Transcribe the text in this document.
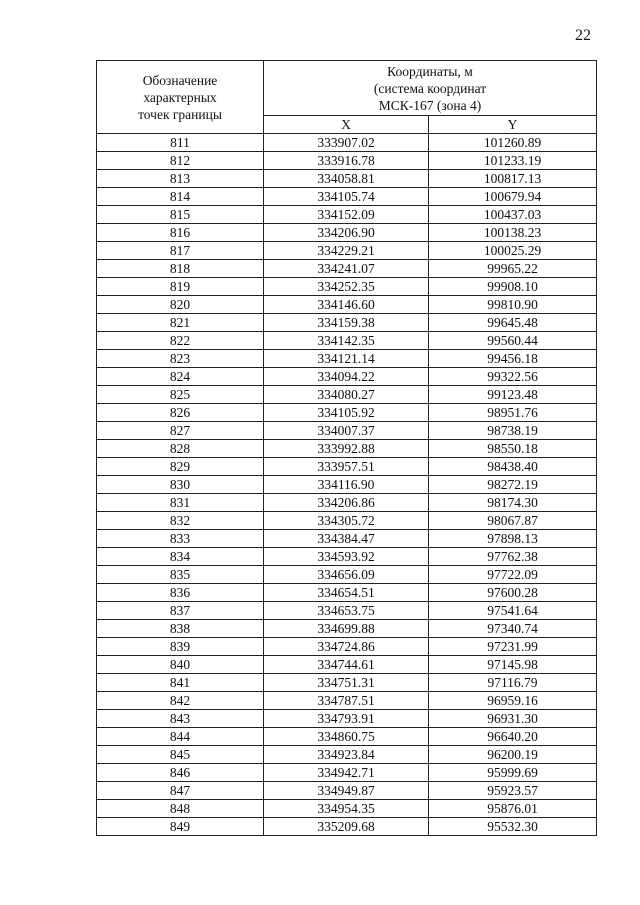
22
Обозначение
характерных
точек границы	Координаты, м
(система координат
МСК-167 (зона 4)	
	X	Y
811	333907.02	101260.89
812	333916.78	101233.19
813	334058.81	100817.13
814	334105.74	100679.94
815	334152.09	100437.03
816	334206.90	100138.23
817	334229.21	100025.29
818	334241.07	99965.22
819	334252.35	99908.10
820	334146.60	99810.90
821	334159.38	99645.48
822	334142.35	99560.44
823	334121.14	99456.18
824	334094.22	99322.56
825	334080.27	99123.48
826	334105.92	98951.76
827	334007.37	98738.19
828	333992.88	98550.18
829	333957.51	98438.40
830	334116.90	98272.19
831	334206.86	98174.30
832	334305.72	98067.87
833	334384.47	97898.13
834	334593.92	97762.38
835	334656.09	97722.09
836	334654.51	97600.28
837	334653.75	97541.64
838	334699.88	97340.74
839	334724.86	97231.99
840	334744.61	97145.98
841	334751.31	97116.79
842	334787.51	96959.16
843	334793.91	96931.30
844	334860.75	96640.20
845	334923.84	96200.19
846	334942.71	95999.69
847	334949.87	95923.57
848	334954.35	95876.01
849	335209.68	95532.30
